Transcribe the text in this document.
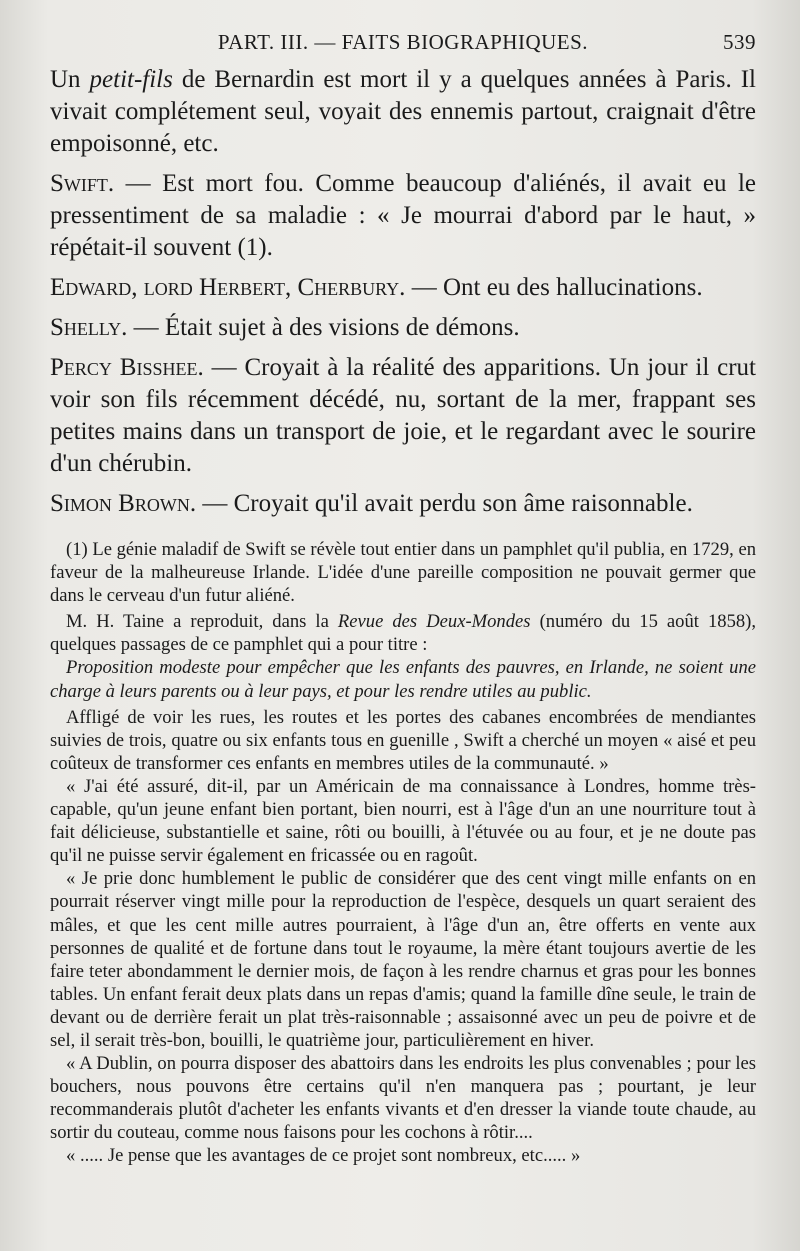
PART. III. — FAITS BIOGRAPHIQUES.	539

Un petit-fils de Bernardin est mort il y a quelques années à Paris. Il vivait complétement seul, voyait des ennemis partout, craignait d'être empoisonné, etc.

Swift. — Est mort fou. Comme beaucoup d'aliénés, il avait eu le pressentiment de sa maladie : « Je mourrai d'abord par le haut, » répétait-il souvent (1).

Edward, lord Herbert, Cherbury. — Ont eu des hallucinations.

Shelly. — Était sujet à des visions de démons.

Percy Bisshee. — Croyait à la réalité des apparitions. Un jour il crut voir son fils récemment décédé, nu, sortant de la mer, frappant ses petites mains dans un transport de joie, et le regardant avec le sourire d'un chérubin.

Simon Brown. — Croyait qu'il avait perdu son âme raisonnable.

(1) Le génie maladif de Swift se révèle tout entier dans un pamphlet qu'il publia, en 1729, en faveur de la malheureuse Irlande. L'idée d'une pareille composition ne pouvait germer que dans le cerveau d'un futur aliéné.

M. H. Taine a reproduit, dans la Revue des Deux-Mondes (numéro du 15 août 1858), quelques passages de ce pamphlet qui a pour titre :

Proposition modeste pour empêcher que les enfants des pauvres, en Irlande, ne soient une charge à leurs parents ou à leur pays, et pour les rendre utiles au public.

Affligé de voir les rues, les routes et les portes des cabanes encombrées de mendiantes suivies de trois, quatre ou six enfants tous en guenille , Swift a cherché un moyen « aisé et peu coûteux de transformer ces enfants en membres utiles de la communauté. »

« J'ai été assuré, dit-il, par un Américain de ma connaissance à Londres, homme très-capable, qu'un jeune enfant bien portant, bien nourri, est à l'âge d'un an une nourriture tout à fait délicieuse, substantielle et saine, rôti ou bouilli, à l'étuvée ou au four, et je ne doute pas qu'il ne puisse servir également en fricassée ou en ragoût.

« Je prie donc humblement le public de considérer que des cent vingt mille enfants on en pourrait réserver vingt mille pour la reproduction de l'espèce, desquels un quart seraient des mâles, et que les cent mille autres pourraient, à l'âge d'un an, être offerts en vente aux personnes de qualité et de fortune dans tout le royaume, la mère étant toujours avertie de les faire teter abondamment le dernier mois, de façon à les rendre charnus et gras pour les bonnes tables. Un enfant ferait deux plats dans un repas d'amis; quand la famille dîne seule, le train de devant ou de derrière ferait un plat très-raisonnable ; assaisonné avec un peu de poivre et de sel, il serait très-bon, bouilli, le quatrième jour, particulièrement en hiver.

« A Dublin, on pourra disposer des abattoirs dans les endroits les plus convenables ; pour les bouchers, nous pouvons être certains qu'il n'en manquera pas ; pourtant, je leur recommanderais plutôt d'acheter les enfants vivants et d'en dresser la viande toute chaude, au sortir du couteau, comme nous faisons pour les cochons à rôtir....

« ..... Je pense que les avantages de ce projet sont nombreux, etc..... »
